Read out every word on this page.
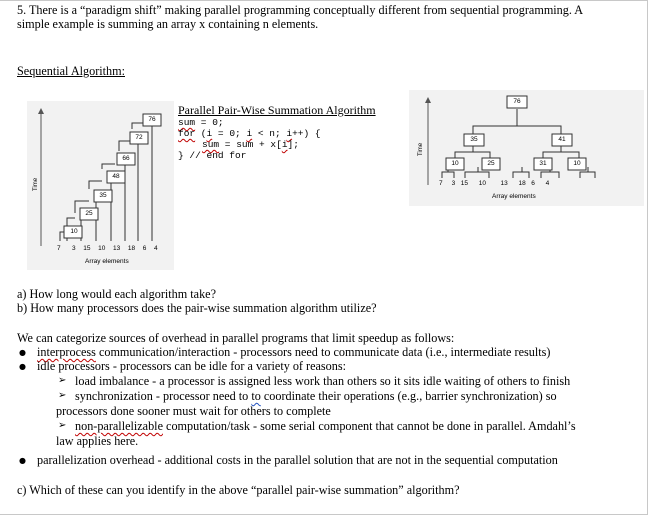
5. There is a “paradigm shift” making parallel programming conceptually different from sequential programming. A
simple example is summing an array x containing n elements.
Sequential Algorithm:
Time
10
25
35
48
66
72
76
7 3 15 10 13 18 6 4
Array elements
Parallel Pair-Wise Summation Algorithm
sum = 0;
for (i = 0; i < n; i++) {
sum = sum + x[i];
} // end for	Time
10	25	31	10
35	41
76
7 3 15 10 13 18 6 4
Array elements
a) How long would each algorithm take?
b) How many processors does the pair-wise summation algorithm utilize?
We can categorize sources of overhead in parallel programs that limit speedup as follows:
● interprocess communication/interaction - processors need to communicate data (i.e., intermediate results)
● idle processors - processors can be idle for a variety of reasons:
➢ load imbalance - a processor is assigned less work than others so it sits idle waiting of others to finish
➢ synchronization - processor need to to coordinate their operations (e.g., barrier synchronization) so
processors done sooner must wait for others to complete
➢ non-parallelizable computation/task - some serial component that cannot be done in parallel. Amdahl’s
law applies here.
● parallelization overhead - additional costs in the parallel solution that are not in the sequential computation
c) Which of these can you identify in the above “parallel pair-wise summation” algorithm?
